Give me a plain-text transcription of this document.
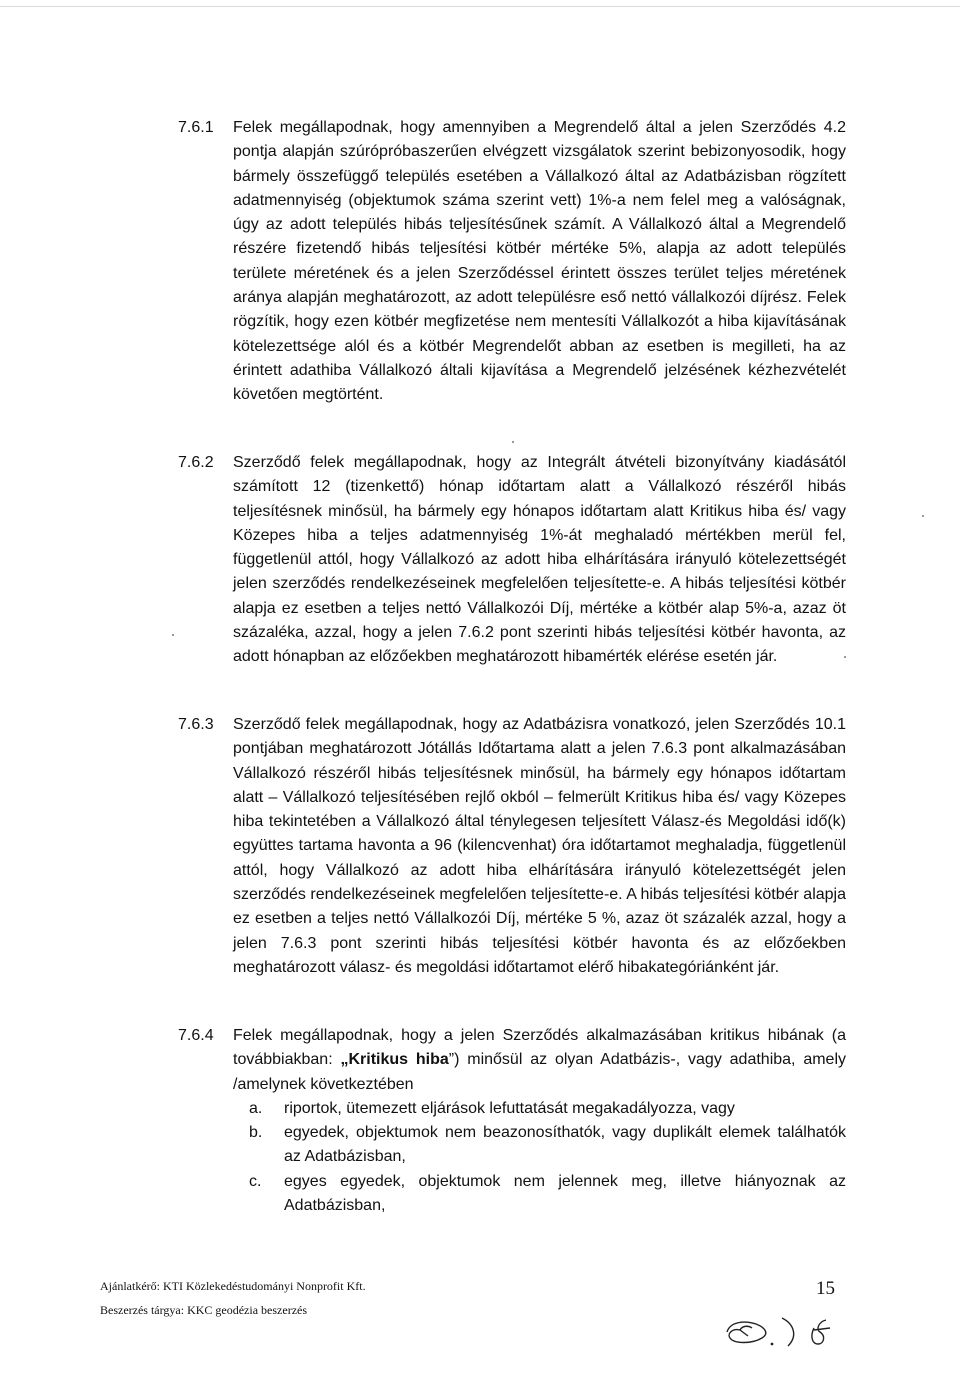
7.6.1 Felek megállapodnak, hogy amennyiben a Megrendelő által a jelen Szerződés 4.2 pontja alapján szúrópróbaszerűen elvégzett vizsgálatok szerint bebizonyosodik, hogy bármely összefüggő település esetében a Vállalkozó által az Adatbázisban rögzített adatmennyiség (objektumok száma szerint vett) 1%-a nem felel meg a valóságnak, úgy az adott település hibás teljesítésűnek számít. A Vállalkozó által a Megrendelő részére fizetendő hibás teljesítési kötbér mértéke 5%, alapja az adott település területe méretének és a jelen Szerződéssel érintett összes terület teljes méretének aránya alapján meghatározott, az adott településre eső nettó vállalkozói díjrész. Felek rögzítik, hogy ezen kötbér megfizetése nem mentesíti Vállalkozót a hiba kijavításának kötelezettsége alól és a kötbér Megrendelőt abban az esetben is megilleti, ha az érintett adathiba Vállalkozó általi kijavítása a Megrendelő jelzésének kézhezvételét követően megtörtént.
7.6.2 Szerződő felek megállapodnak, hogy az Integrált átvételi bizonyítvány kiadásától számított 12 (tizenkettő) hónap időtartam alatt a Vállalkozó részéről hibás teljesítésnek minősül, ha bármely egy hónapos időtartam alatt Kritikus hiba és/ vagy Közepes hiba a teljes adatmennyiség 1%-át meghaladó mértékben merül fel, függetlenül attól, hogy Vállalkozó az adott hiba elhárítására irányuló kötelezettségét jelen szerződés rendelkezéseinek megfelelően teljesítette-e. A hibás teljesítési kötbér alapja ez esetben a teljes nettó Vállalkozói Díj, mértéke a kötbér alap 5%-a, azaz öt százaléka, azzal, hogy a jelen 7.6.2 pont szerinti hibás teljesítési kötbér havonta, az adott hónapban az előzőekben meghatározott hibamérték elérése esetén jár.
7.6.3 Szerződő felek megállapodnak, hogy az Adatbázisra vonatkozó, jelen Szerződés 10.1 pontjában meghatározott Jótállás Időtartama alatt a jelen 7.6.3 pont alkalmazásában Vállalkozó részéről hibás teljesítésnek minősül, ha bármely egy hónapos időtartam alatt – Vállalkozó teljesítésében rejlő okból – felmerült Kritikus hiba és/ vagy Közepes hiba tekintetében a Vállalkozó által ténylegesen teljesített Válasz-és Megoldási idő(k) együttes tartama havonta a 96 (kilencvenhat) óra időtartamot meghaladja, függetlenül attól, hogy Vállalkozó az adott hiba elhárítására irányuló kötelezettségét jelen szerződés rendelkezéseinek megfelelően teljesítette-e. A hibás teljesítési kötbér alapja ez esetben a teljes nettó Vállalkozói Díj, mértéke 5 %, azaz öt százalék azzal, hogy a jelen 7.6.3 pont szerinti hibás teljesítési kötbér havonta és az előzőekben meghatározott válasz- és megoldási időtartamot elérő hibakategóriánként jár.
7.6.4 Felek megállapodnak, hogy a jelen Szerződés alkalmazásában kritikus hibának (a továbbiakban: „Kritikus hiba”) minősül az olyan Adatbázis-, vagy adathiba, amely /amelynek következtében
a. riportok, ütemezett eljárások lefuttatását megakadályozza, vagy
b. egyedek, objektumok nem beazonosíthatók, vagy duplikált elemek találhatók az Adatbázisban,
c. egyes egyedek, objektumok nem jelennek meg, illetve hiányoznak az Adatbázisban,
Ajánlatkérő: KTI Közlekedéstudományi Nonprofit Kft.
Beszerzés tárgya: KKC geodézia beszerzés
15
